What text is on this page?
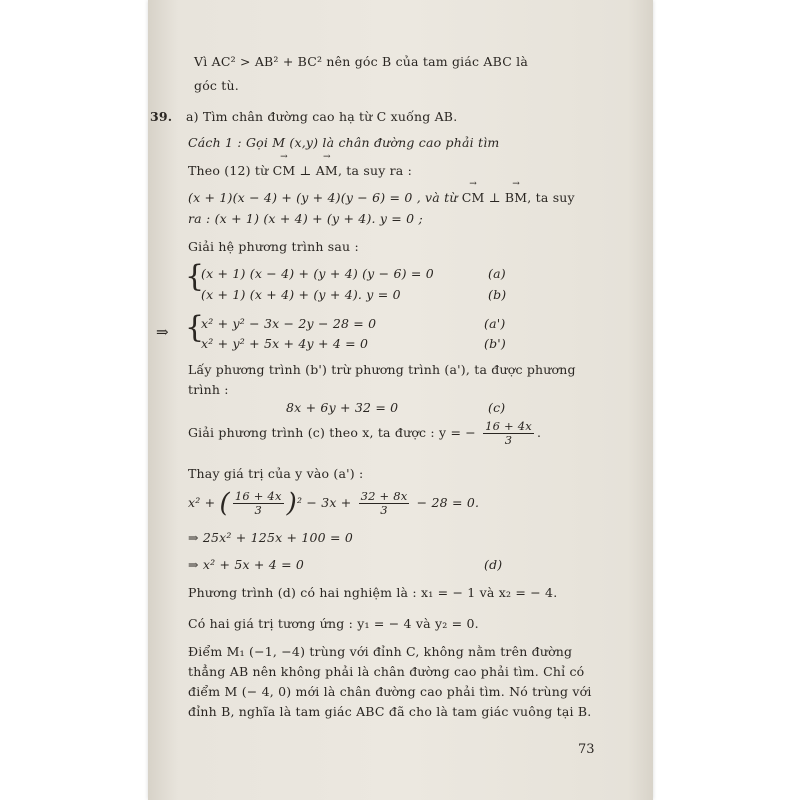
Vì AC² > AB² + BC² nên góc B của tam giác ABC là
góc tù.
39. a) Tìm chân đường cao hạ từ C xuống AB.
Cách 1 : Gọi M (x,y) là chân đường cao phải tìm
Theo (12) từ → CM ⊥ → AM, ta suy ra :
(x + 1)(x − 4) + (y + 4)(y − 6) = 0 , và từ → CM ⊥ → BM, ta suy
ra : (x + 1) (x + 4) + (y + 4). y = 0 ;
Giải hệ phương trình sau :
{
(x + 1) (x − 4) + (y + 4) (y − 6) = 0	(a)
(x + 1) (x + 4) + (y + 4). y = 0	(b)
⇒ {
x² + y² − 3x − 2y − 28 = 0	(a')
x² + y² + 5x + 4y + 4 = 0	(b')
Lấy phương trình (b') trừ phương trình (a'), ta được phương
trình :
8x + 6y + 32 = 0	(c)
Giải phương trình (c) theo x, ta được : y = − $\frac{16 + 4x}{3}$ .
Thay giá trị của y vào (a') :
x² + ( $\frac{16 + 4x}{3} )^2 - 3x + \frac{32 + 8x}{3} - 28 = 0$.
⇒ 25x² + 125x + 100 = 0
⇒ x² + 5x + 4 = 0	(d)
Phương trình (d) có hai nghiệm là : x₁ = − 1 và x₂ = − 4.
Có hai giá trị tương ứng : y₁ = − 4 và y₂ = 0.
Điểm M₁ (−1, −4) trùng với đỉnh C, không nằm trên đường
thẳng AB nên không phải là chân đường cao phải tìm. Chỉ có
điểm M (− 4, 0) mới là chân đường cao phải tìm. Nó trùng với
đỉnh B, nghĩa là tam giác ABC đã cho là tam giác vuông tại B.
73
